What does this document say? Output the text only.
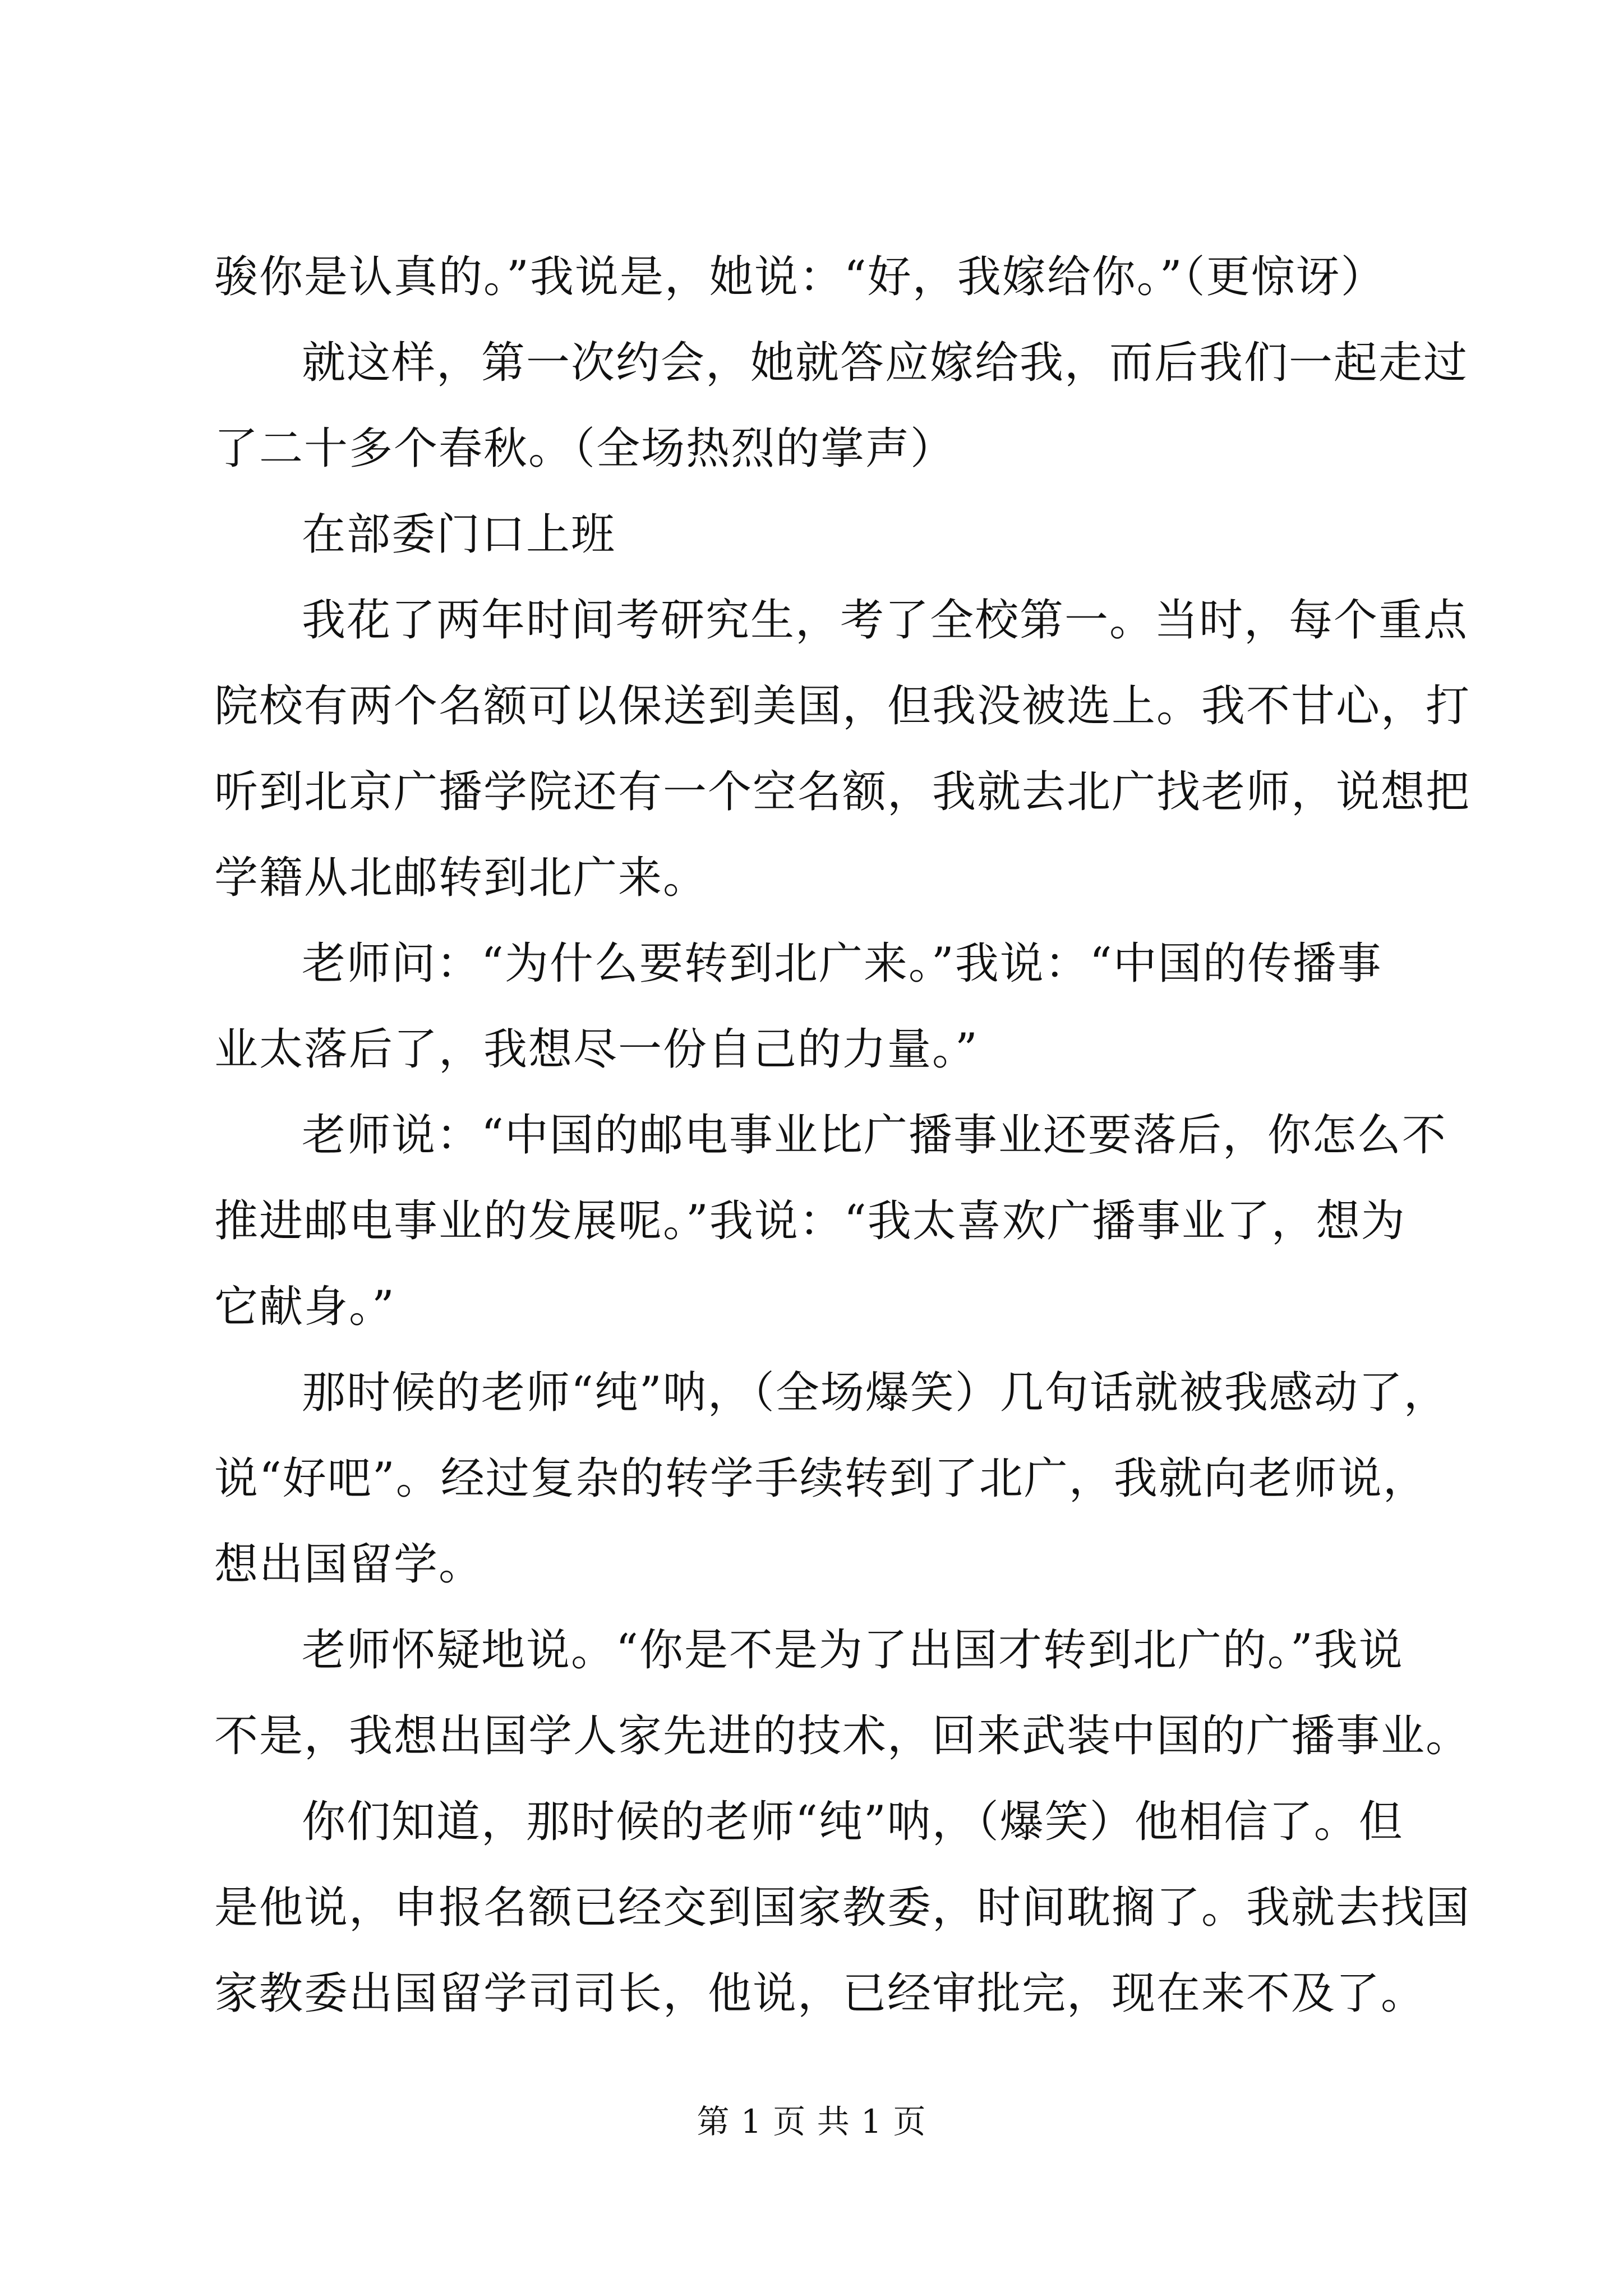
骏你是认真的。”我说是，她说：“好，我嫁给你。”（更惊讶）
就这样，第一次约会，她就答应嫁给我，而后我们一起走过
了二十多个春秋。（全场热烈的掌声）
在部委门口上班
我花了两年时间考研究生，考了全校第一。当时，每个重点
院校有两个名额可以保送到美国，但我没被选上。我不甘心，打
听到北京广播学院还有一个空名额，我就去北广找老师，说想把
学籍从北邮转到北广来。
老师问：“为什么要转到北广来。”我说：“中国的传播事
业太落后了，我想尽一份自己的力量。”
老师说：“中国的邮电事业比广播事业还要落后，你怎么不
推进邮电事业的发展呢。”我说：“我太喜欢广播事业了，想为
它献身。”
那时候的老师“纯”呐，（全场爆笑）几句话就被我感动了，
说“好吧”。经过复杂的转学手续转到了北广，我就向老师说，
想出国留学。
老师怀疑地说。“你是不是为了出国才转到北广的。”我说
不是，我想出国学人家先进的技术，回来武装中国的广播事业。
你们知道，那时候的老师“纯”呐，（爆笑）他相信了。但
是他说，申报名额已经交到国家教委，时间耽搁了。我就去找国
家教委出国留学司司长，他说，已经审批完，现在来不及了。
第 1 页 共 1 页
